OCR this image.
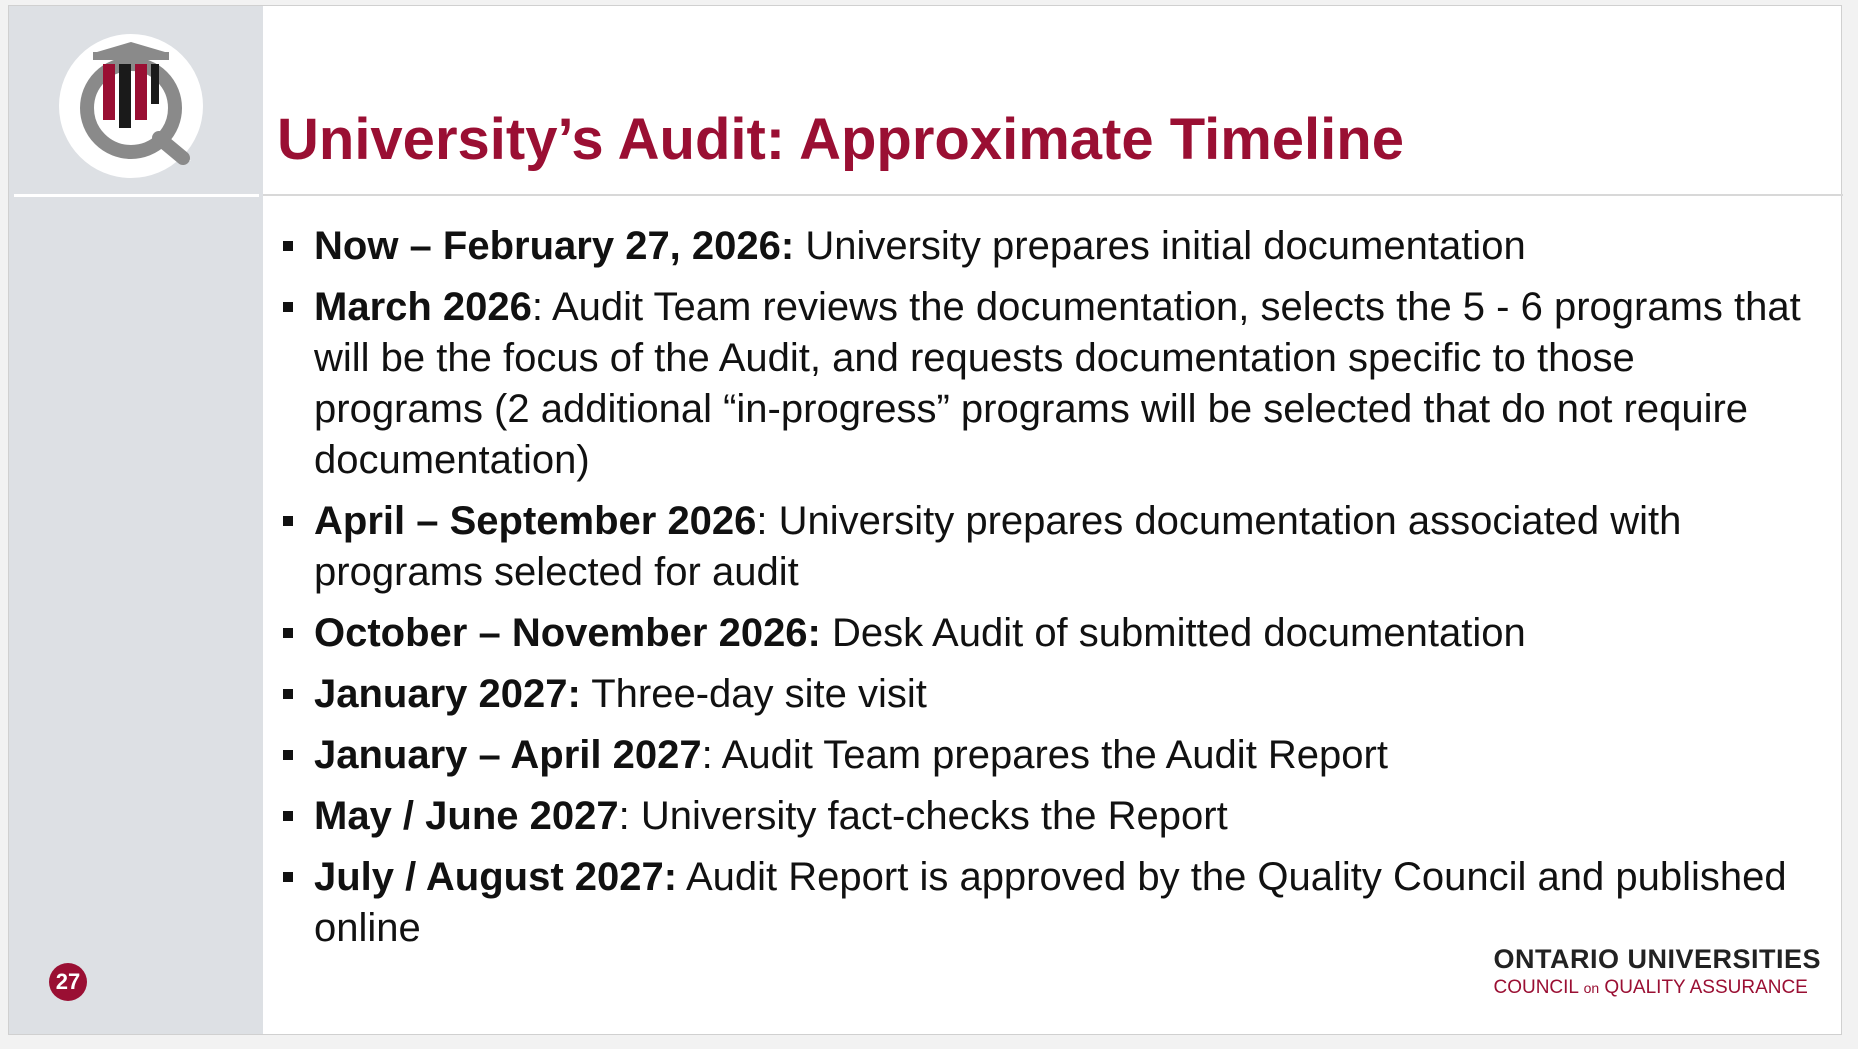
27
University’s Audit: Approximate Timeline
Now – February 27, 2026: University prepares initial documentation
March 2026: Audit Team reviews the documentation, selects the 5 - 6 programs that will be the focus of the Audit, and requests documentation specific to those programs (2 additional “in-progress” programs will be selected that do not require documentation)
April – September 2026: University prepares documentation associated with programs selected for audit
October – November 2026: Desk Audit of submitted documentation
January 2027: Three-day site visit
January – April 2027: Audit Team prepares the Audit Report
May / June 2027: University fact-checks the Report
July / August 2027: Audit Report is approved by the Quality Council and published online
ONTARIO UNIVERSITIES
COUNCIL on QUALITY ASSURANCE
